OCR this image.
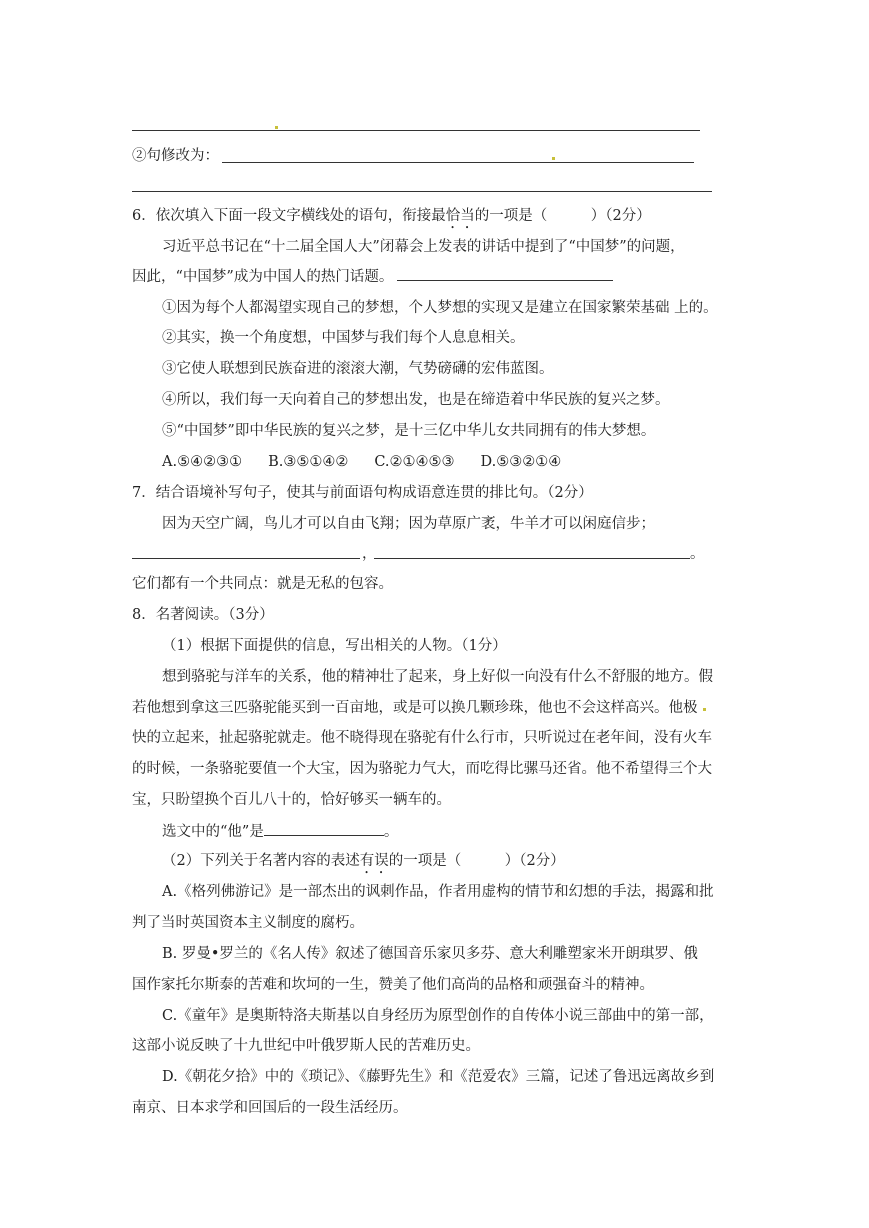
②句修改为：
6．依次填入下面一段文字横线处的语句，衔接最恰当的一项是（　　　）（2分）
习近平总书记在“十二届全国人大”闭幕会上发表的讲话中提到了“中国梦”的问题，
因此，“中国梦”成为中国人的热门话题。
①因为每个人都渴望实现自己的梦想，个人梦想的实现又是建立在国家繁荣基础 上的。
②其实，换一个角度想，中国梦与我们每个人息息相关。
③它使人联想到民族奋进的滚滚大潮，气势磅礴的宏伟蓝图。
④所以，我们每一天向着自己的梦想出发，也是在缔造着中华民族的复兴之梦。
⑤“中国梦”即中华民族的复兴之梦，是十三亿中华儿女共同拥有的伟大梦想。
A.⑤④②③① B.③⑤①④② C.②①④⑤③ D.⑤③②①④
7．结合语境补写句子，使其与前面语句构成语意连贯的排比句。（2分）
因为天空广阔，鸟儿才可以自由飞翔；因为草原广袤，牛羊才可以闲庭信步；
，	。
它们都有一个共同点：就是无私的包容。
8．名著阅读。（3分）
（1）根据下面提供的信息，写出相关的人物。（1分）
想到骆驼与洋车的关系，他的精神壮了起来，身上好似一向没有什么不舒服的地方。假
若他想到拿这三匹骆驼能买到一百亩地，或是可以换几颗珍珠，他也不会这样高兴。他极
快的立起来，扯起骆驼就走。他不晓得现在骆驼有什么行市，只听说过在老年间，没有火车
的时候，一条骆驼要值一个大宝，因为骆驼力气大，而吃得比骡马还省。他不希望得三个大
宝，只盼望换个百儿八十的，恰好够买一辆车的。
选文中的“他”是	。
（2）下列关于名著内容的表述有误的一项是（　　　）（2分）
A.《格列佛游记》是一部杰出的讽刺作品，作者用虚构的情节和幻想的手法，揭露和批
判了当时英国资本主义制度的腐朽。
B. 罗曼•罗兰的《名人传》叙述了德国音乐家贝多芬、意大利雕塑家米开朗琪罗、俄
国作家托尔斯泰的苦难和坎坷的一生，赞美了他们高尚的品格和顽强奋斗的精神。
C.《童年》是奥斯特洛夫斯基以自身经历为原型创作的自传体小说三部曲中的第一部，
这部小说反映了十九世纪中叶俄罗斯人民的苦难历史。
D.《朝花夕拾》中的《琐记》、《藤野先生》和《范爱农》三篇，记述了鲁迅远离故乡到
南京、日本求学和回国后的一段生活经历。
